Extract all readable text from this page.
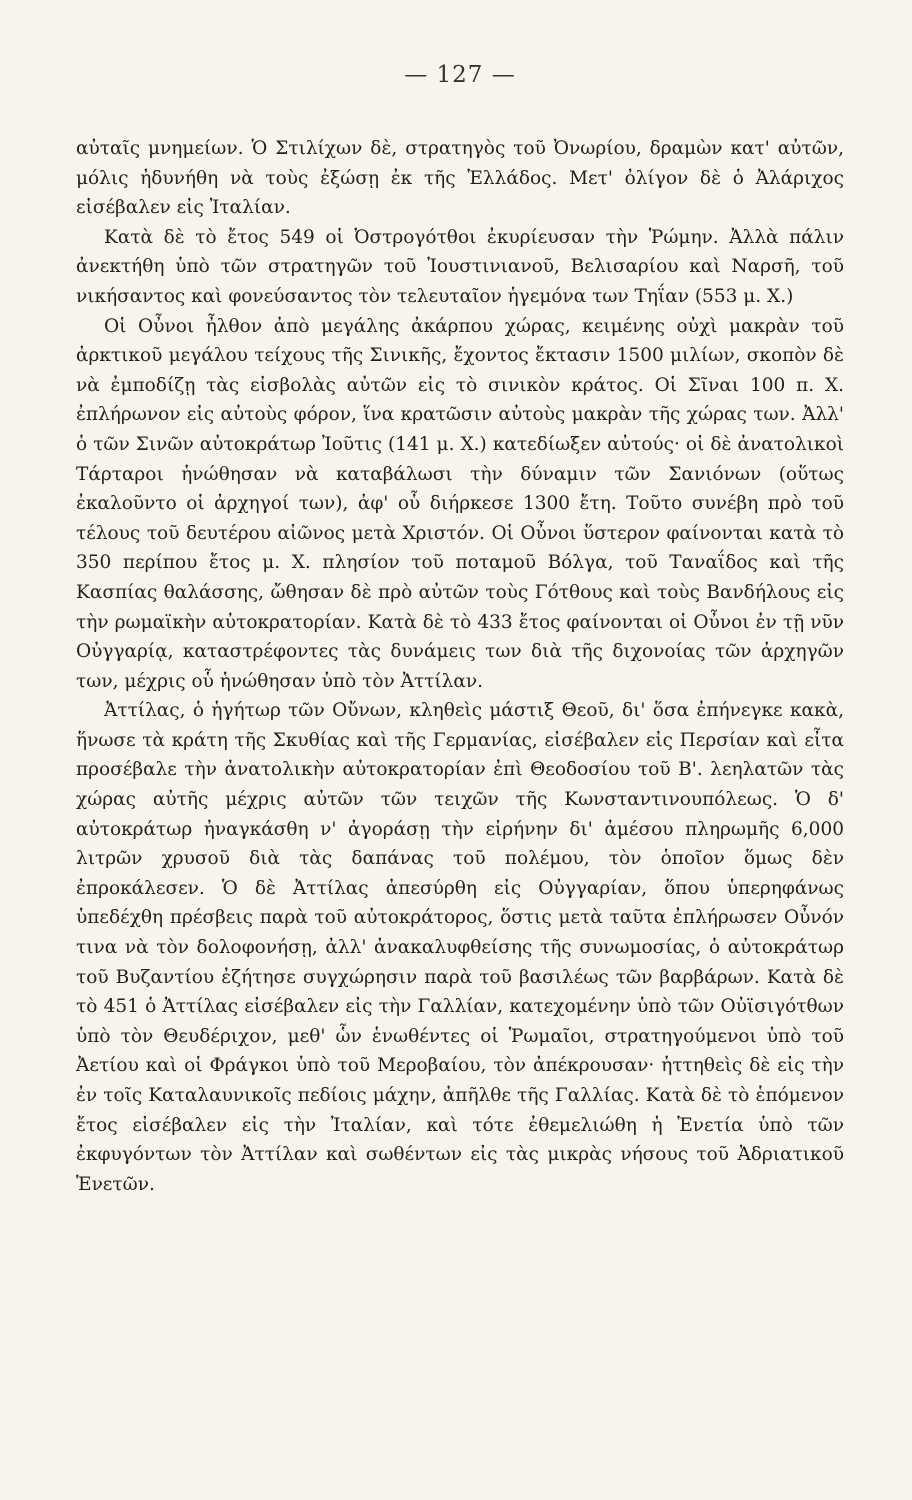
— 127 —

αὐταῖς μνημείων. Ὁ Στιλίχων δὲ, στρατηγὸς τοῦ Ὀνωρίου, δραμὼν κατ' αὐτῶν, μόλις ἠδυνήθη νὰ τοὺς ἐξώσῃ ἐκ τῆς Ἑλλάδος. Μετ' ὀλίγον δὲ ὁ Ἀλάριχος εἰσέβαλεν εἰς Ἰταλίαν.

Κατὰ δὲ τὸ ἔτος 549 οἱ Ὀστρογότθοι ἐκυρίευσαν τὴν Ῥώμην. Ἀλλὰ πάλιν ἀνεκτήθη ὑπὸ τῶν στρατηγῶν τοῦ Ἰουστινιανοῦ, Βελισαρίου καὶ Ναρσῆ, τοῦ νικήσαντος καὶ φονεύσαντος τὸν τελευταῖον ἡγεμόνα των Τηΐαν (553 μ. Χ.)

Οἱ Οὖνοι ἦλθον ἀπὸ μεγάλης ἀκάρπου χώρας, κειμένης οὐχὶ μακρὰν τοῦ ἀρκτικοῦ μεγάλου τείχους τῆς Σινικῆς, ἔχοντος ἔκτασιν 1500 μιλίων, σκοπὸν δὲ νὰ ἐμποδίζῃ τὰς εἰσβολὰς αὐτῶν εἰς τὸ σινικὸν κράτος. Οἱ Σῖναι 100 π. Χ. ἐπλήρωνον εἰς αὐτοὺς φόρον, ἵνα κρατῶσιν αὐτοὺς μακρὰν τῆς χώρας των. Ἀλλ' ὁ τῶν Σινῶν αὐτοκράτωρ Ἰοῦτις (141 μ. Χ.) κατεδίωξεν αὐτούς· οἱ δὲ ἀνατολικοὶ Τάρταροι ἡνώθησαν νὰ καταβάλωσι τὴν δύναμιν τῶν Σανιόνων (οὕτως ἐκαλοῦντο οἱ ἀρχηγοί των), ἀφ' οὗ διήρκεσε 1300 ἔτη. Τοῦτο συνέβη πρὸ τοῦ τέλους τοῦ δευτέρου αἰῶνος μετὰ Χριστόν. Οἱ Οὖνοι ὕστερον φαίνονται κατὰ τὸ 350 περίπου ἔτος μ. Χ. πλησίον τοῦ ποταμοῦ Βόλγα, τοῦ Ταναΐδος καὶ τῆς Κασπίας θαλάσσης, ὤθησαν δὲ πρὸ αὐτῶν τοὺς Γότθους καὶ τοὺς Βανδήλους εἰς τὴν ρωμαϊκὴν αὐτοκρατορίαν. Κατὰ δὲ τὸ 433 ἔτος φαίνονται οἱ Οὖνοι ἐν τῇ νῦν Οὐγγαρίᾳ, καταστρέφοντες τὰς δυνάμεις των διὰ τῆς διχονοίας τῶν ἀρχηγῶν των, μέχρις οὗ ἡνώθησαν ὑπὸ τὸν Ἀττίλαν.

Ἀττίλας, ὁ ἡγήτωρ τῶν Οὔνων, κληθεὶς μάστιξ Θεοῦ, δι' ὅσα ἐπήνεγκε κακὰ, ἥνωσε τὰ κράτη τῆς Σκυθίας καὶ τῆς Γερμανίας, εἰσέβαλεν εἰς Περσίαν καὶ εἶτα προσέβαλε τὴν ἀνατολικὴν αὐτοκρατορίαν ἐπὶ Θεοδοσίου τοῦ Β'. λεηλατῶν τὰς χώρας αὐτῆς μέχρις αὐτῶν τῶν τειχῶν τῆς Κωνσταντινουπόλεως. Ὁ δ' αὐτοκράτωρ ἠναγκάσθη ν' ἀγοράσῃ τὴν εἰρήνην δι' ἀμέσου πληρωμῆς 6,000 λιτρῶν χρυσοῦ διὰ τὰς δαπάνας τοῦ πολέμου, τὸν ὁποῖον ὅμως δὲν ἐπροκάλεσεν. Ὁ δὲ Ἀττίλας ἀπεσύρθη εἰς Οὐγγαρίαν, ὅπου ὑπερηφάνως ὑπεδέχθη πρέσβεις παρὰ τοῦ αὐτοκράτορος, ὅστις μετὰ ταῦτα ἐπλήρωσεν Οὖνόν τινα νὰ τὸν δολοφονήσῃ, ἀλλ' ἀνακαλυφθείσης τῆς συνωμοσίας, ὁ αὐτοκράτωρ τοῦ Βυζαντίου ἐζήτησε συγχώρησιν παρὰ τοῦ βασιλέως τῶν βαρβάρων. Κατὰ δὲ τὸ 451 ὁ Ἀττίλας εἰσέβαλεν εἰς τὴν Γαλλίαν, κατεχομένην ὑπὸ τῶν Οὐϊσιγότθων ὑπὸ τὸν Θευδέριχον, μεθ' ὧν ἑνωθέντες οἱ Ῥωμαῖοι, στρατηγούμενοι ὑπὸ τοῦ Ἀετίου καὶ οἱ Φράγκοι ὑπὸ τοῦ Μεροβαίου, τὸν ἀπέκρουσαν· ἡττηθεὶς δὲ εἰς τὴν ἐν τοῖς Καταλαυνικοῖς πεδίοις μάχην, ἀπῆλθε τῆς Γαλλίας. Κατὰ δὲ τὸ ἑπόμενον ἔτος εἰσέβαλεν εἰς τὴν Ἰταλίαν, καὶ τότε ἐθεμελιώθη ἡ Ἑνετία ὑπὸ τῶν ἐκφυγόντων τὸν Ἀττίλαν καὶ σωθέντων εἰς τὰς μικρὰς νήσους τοῦ Ἀδριατικοῦ Ἑνετῶν.
